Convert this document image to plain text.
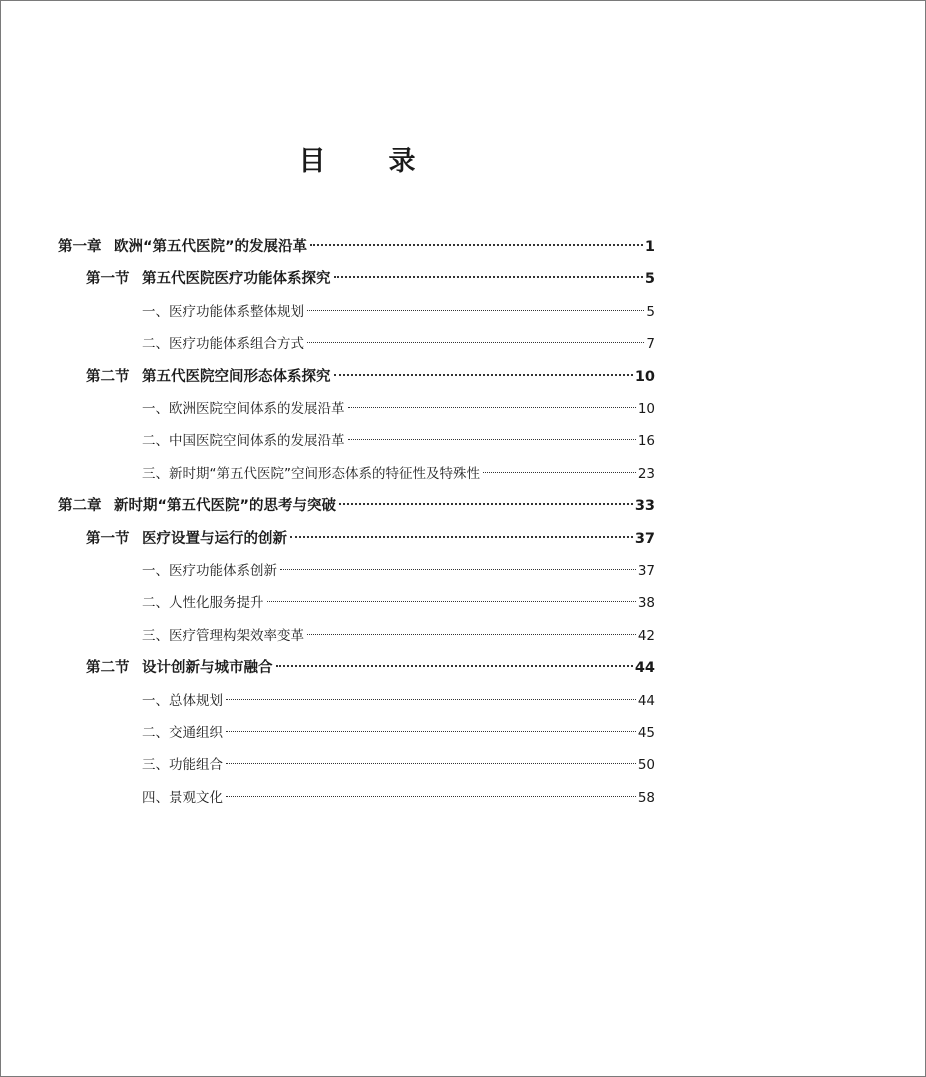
目　录
第一章 欧洲“第五代医院”的发展沿革	1
第一节 第五代医院医疗功能体系探究	5
一、医疗功能体系整体规划	5
二、医疗功能体系组合方式	7
第二节 第五代医院空间形态体系探究	10
一、欧洲医院空间体系的发展沿革	10
二、中国医院空间体系的发展沿革	16
三、新时期“第五代医院”空间形态体系的特征性及特殊性	23
第二章 新时期“第五代医院”的思考与突破	33
第一节 医疗设置与运行的创新	37
一、医疗功能体系创新	37
二、人性化服务提升	38
三、医疗管理构架效率变革	42
第二节 设计创新与城市融合	44
一、总体规划	44
二、交通组织	45
三、功能组合	50
四、景观文化	58
